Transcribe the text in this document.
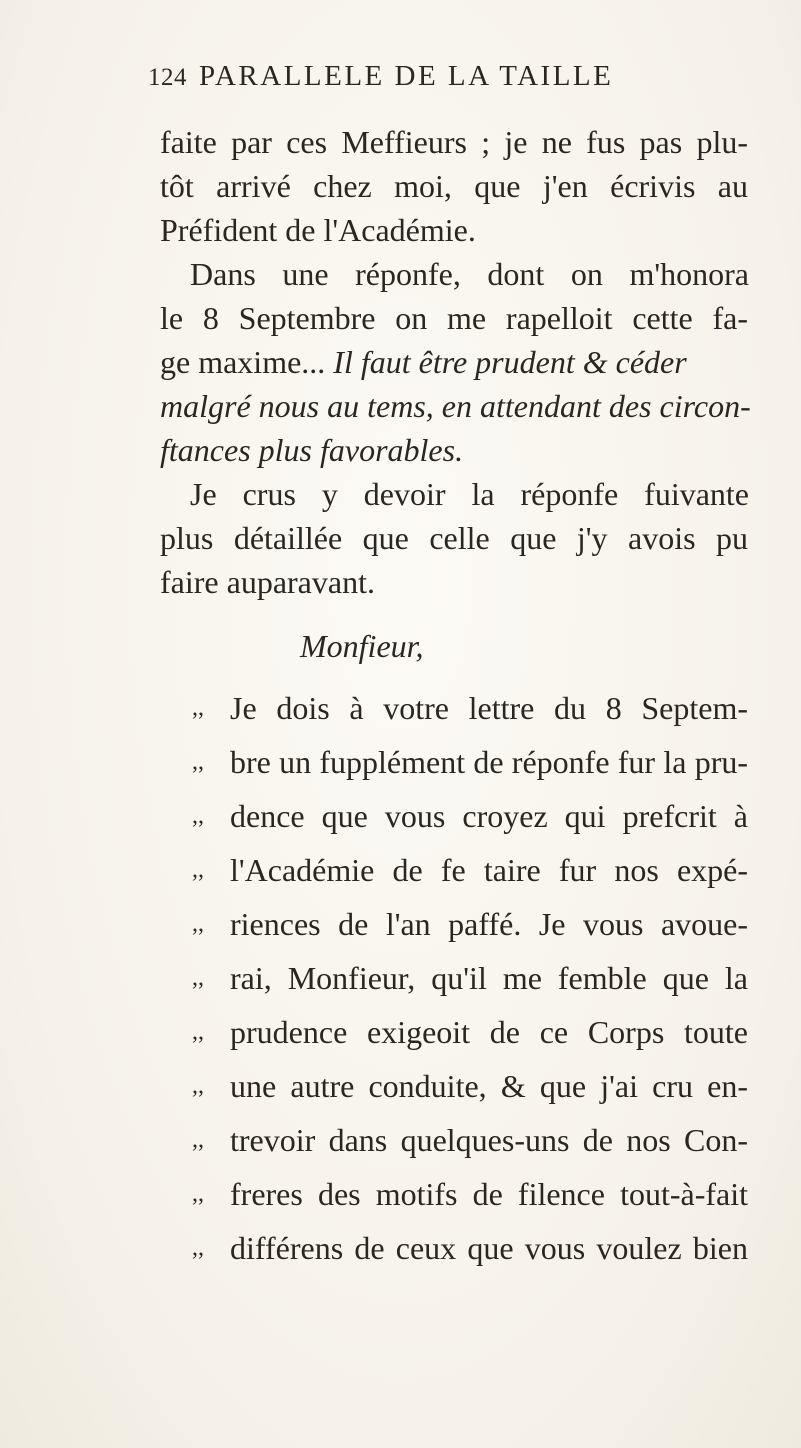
124 PARALLELE DE LA TAILLE
faite par ces Meffieurs ; je ne fus pas plu-
tôt arrivé chez moi, que j'en écrivis au
Préfident de l'Académie.
Dans une réponfe, dont on m'honora
le 8 Septembre on me rapelloit cette fa-
ge maxime... Il faut être prudent & céder
malgré nous au tems, en attendant des circon-
ftances plus favorables.
Je crus y devoir la réponfe fuivante
plus détaillée que celle que j'y avois pu
faire auparavant.
Monfieur,
,, Je dois à votre lettre du 8 Septem-
,, bre un fupplément de réponfe fur la pru-
,, dence que vous croyez qui prefcrit à
,, l'Académie de fe taire fur nos expé-
,, riences de l'an paffé. Je vous avoue-
,, rai, Monfieur, qu'il me femble que la
,, prudence exigeoit de ce Corps toute
,, une autre conduite, & que j'ai cru en-
,, trevoir dans quelques-uns de nos Con-
,, freres des motifs de filence tout-à-fait
,, différens de ceux que vous voulez bien
